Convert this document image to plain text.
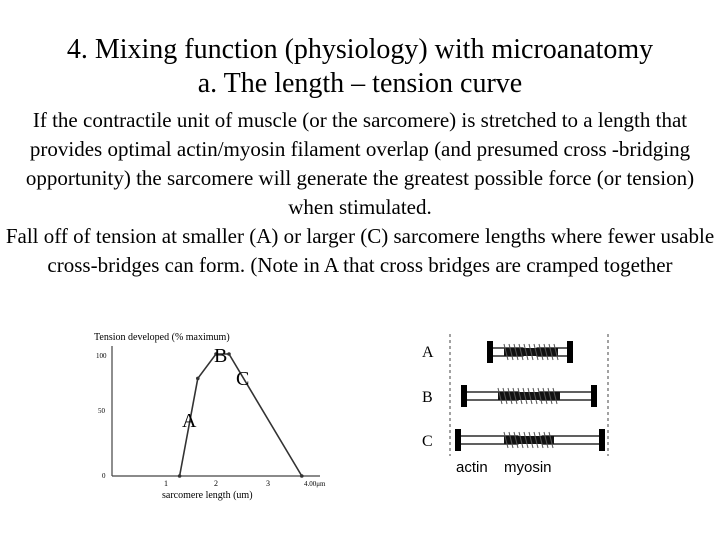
4. Mixing function (physiology) with microanatomy
a. The length – tension curve

If the contractile unit of muscle (or the sarcomere) is stretched to a length that provides optimal actin/myosin filament overlap (and presumed cross -bridging opportunity) the sarcomere will generate the greatest possible force (or tension) when stimulated.

Fall off of tension at smaller (A) or larger (C) sarcomere lengths where fewer usable cross-bridges can form. (Note in A that cross bridges are cramped together

Tension developed (% maximum)
100
50
0
1	2	3	4.00μm
sarcomere length (um)
A
B
C
A
B
C
actin myosin
